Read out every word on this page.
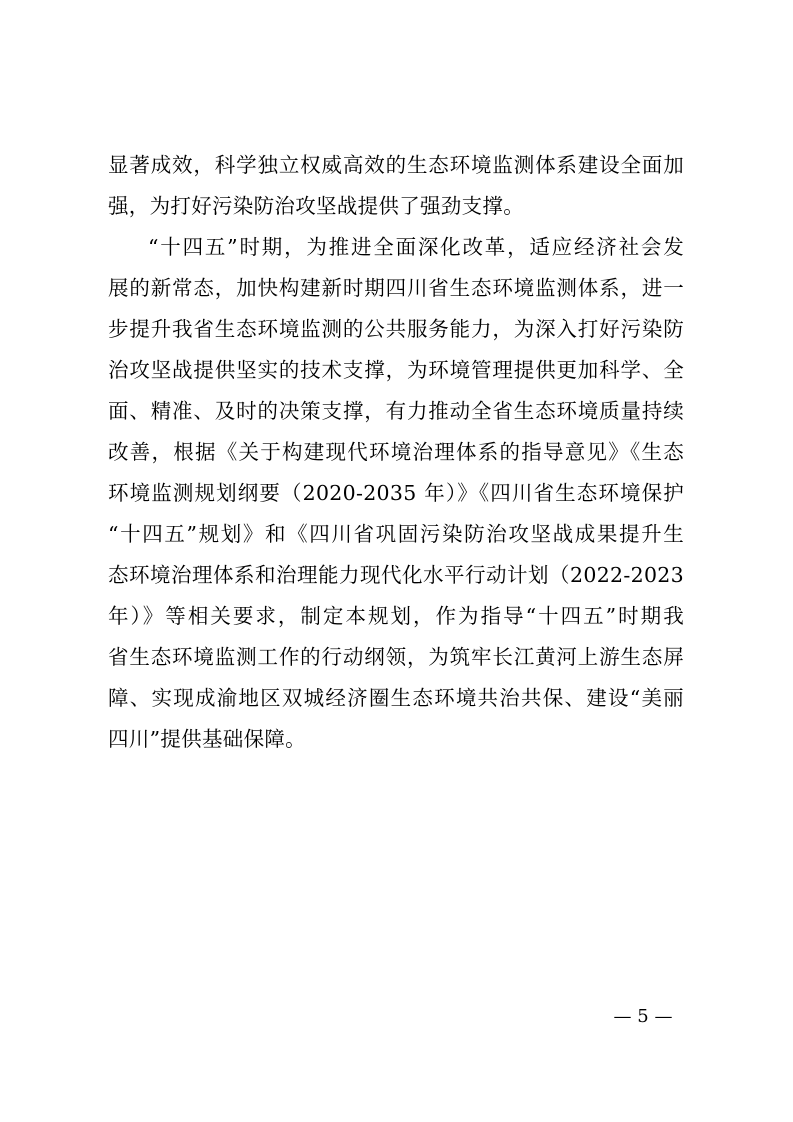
显著成效，科学独立权威高效的生态环境监测体系建设全面加
强，为打好污染防治攻坚战提供了强劲支撑。
“十四五”时期，为推进全面深化改革，适应经济社会发
展的新常态，加快构建新时期四川省生态环境监测体系，进一
步提升我省生态环境监测的公共服务能力，为深入打好污染防
治攻坚战提供坚实的技术支撑，为环境管理提供更加科学、全
面、精准、及时的决策支撑，有力推动全省生态环境质量持续
改善，根据《关于构建现代环境治理体系的指导意见》《生态
环境监测规划纲要（2020-2035 年）》《四川省生态环境保护
“十四五”规划》和《四川省巩固污染防治攻坚战成果提升生
态环境治理体系和治理能力现代化水平行动计划（2022-2023
年）》等相关要求，制定本规划，作为指导“十四五”时期我
省生态环境监测工作的行动纲领，为筑牢长江黄河上游生态屏
障、实现成渝地区双城经济圈生态环境共治共保、建设“美丽
四川”提供基础保障。
— 5 —
